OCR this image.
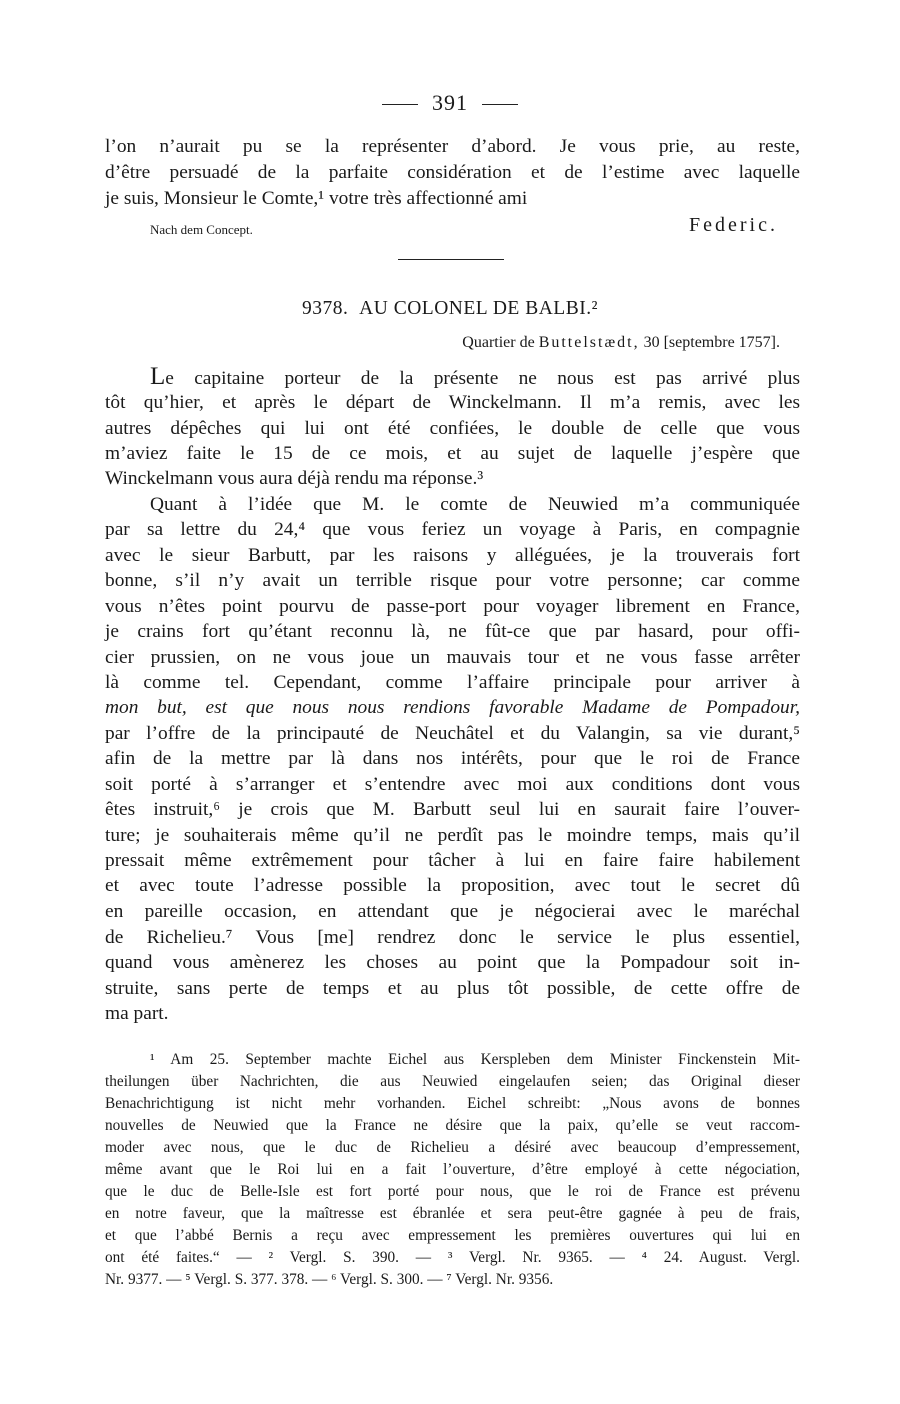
391
l’on n’aurait pu se la représenter d’abord. Je vous prie, au reste,
d’être persuadé de la parfaite considération et de l’estime avec laquelle
je suis, Monsieur le Comte,¹ votre très affectionné ami
Nach dem Concept.	Federic.
9378. AU COLONEL DE BALBI.²
Quartier de Buttelstædt, 30 [septembre 1757].
Le capitaine porteur de la présente ne nous est pas arrivé plus
tôt qu’hier, et après le départ de Winckelmann. Il m’a remis, avec les
autres dépêches qui lui ont été confiées, le double de celle que vous
m’aviez faite le 15 de ce mois, et au sujet de laquelle j’espère que
Winckelmann vous aura déjà rendu ma réponse.³
Quant à l’idée que M. le comte de Neuwied m’a communiquée
par sa lettre du 24,⁴ que vous feriez un voyage à Paris, en compagnie
avec le sieur Barbutt, par les raisons y alléguées, je la trouverais fort
bonne, s’il n’y avait un terrible risque pour votre personne; car comme
vous n’êtes point pourvu de passe-port pour voyager librement en France,
je crains fort qu’étant reconnu là, ne fût-ce que par hasard, pour offi-
cier prussien, on ne vous joue un mauvais tour et ne vous fasse arrêter
là comme tel. Cependant, comme l’affaire principale pour arriver à
mon but, est que nous nous rendions favorable Madame de Pompadour,
par l’offre de la principauté de Neuchâtel et du Valangin, sa vie durant,⁵
afin de la mettre par là dans nos intérêts, pour que le roi de France
soit porté à s’arranger et s’entendre avec moi aux conditions dont vous
êtes instruit,⁶ je crois que M. Barbutt seul lui en saurait faire l’ouver-
ture; je souhaiterais même qu’il ne perdît pas le moindre temps, mais qu’il
pressait même extrêmement pour tâcher à lui en faire faire habilement
et avec toute l’adresse possible la proposition, avec tout le secret dû
en pareille occasion, en attendant que je négocierai avec le maréchal
de Richelieu.⁷ Vous [me] rendrez donc le service le plus essentiel,
quand vous amènerez les choses au point que la Pompadour soit in-
struite, sans perte de temps et au plus tôt possible, de cette offre de
ma part.
¹ Am 25. September machte Eichel aus Kerspleben dem Minister Finckenstein Mit-
theilungen über Nachrichten, die aus Neuwied eingelaufen seien; das Original dieser
Benachrichtigung ist nicht mehr vorhanden. Eichel schreibt: „Nous avons de bonnes
nouvelles de Neuwied que la France ne désire que la paix, qu’elle se veut raccom-
moder avec nous, que le duc de Richelieu a désiré avec beaucoup d’empressement,
même avant que le Roi lui en a fait l’ouverture, d’être employé à cette négociation,
que le duc de Belle-Isle est fort porté pour nous, que le roi de France est prévenu
en notre faveur, que la maîtresse est ébranlée et sera peut-être gagnée à peu de frais,
et que l’abbé Bernis a reçu avec empressement les premières ouvertures qui lui en
ont été faites.“ — ² Vergl. S. 390. — ³ Vergl. Nr. 9365. — ⁴ 24. August. Vergl.
Nr. 9377. — ⁵ Vergl. S. 377. 378. — ⁶ Vergl. S. 300. — ⁷ Vergl. Nr. 9356.
